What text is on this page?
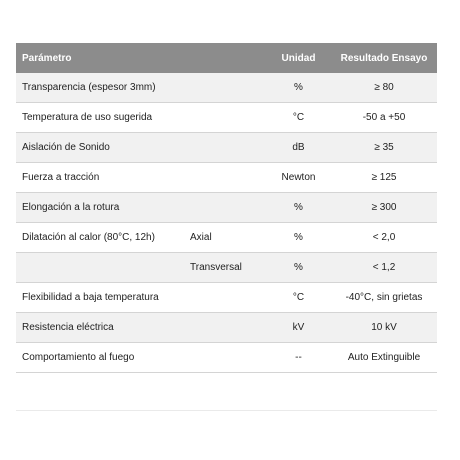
Parámetro		Unidad	Resultado Ensayo
Transparencia (espesor 3mm)		%	≥ 80
Temperatura de uso sugerida		°C	-50 a +50
Aislación de Sonido		dB	≥ 35
Fuerza a tracción		Newton	≥ 125
Elongación a la rotura		%	≥ 300
Dilatación al calor (80°C, 12h)	Axial	%	< 2,0
	Transversal	%	< 1,2
Flexibilidad a baja temperatura		°C	-40°C, sin grietas
Resistencia eléctrica		kV	10 kV
Comportamiento al fuego		--	Auto Extinguible
